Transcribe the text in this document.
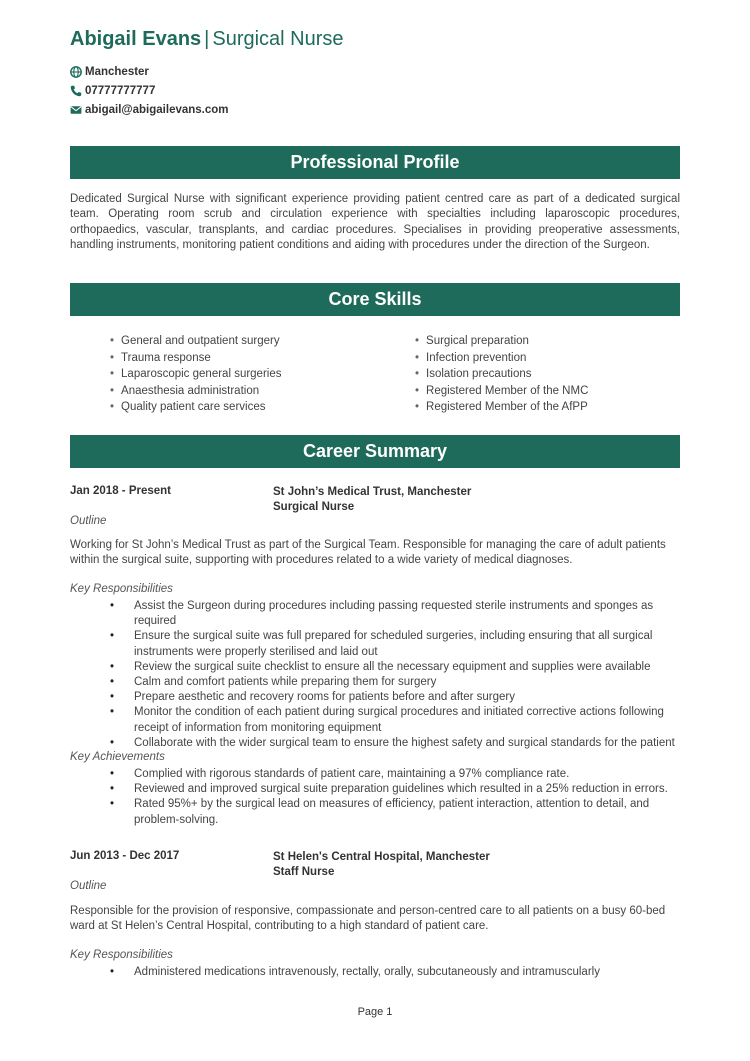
Abigail Evans | Surgical Nurse
Manchester
07777777777
abigail@abigailevans.com
Professional Profile
Dedicated Surgical Nurse with significant experience providing patient centred care as part of a dedicated surgical team. Operating room scrub and circulation experience with specialties including laparoscopic procedures, orthopaedics, vascular, transplants, and cardiac procedures. Specialises in providing preoperative assessments, handling instruments, monitoring patient conditions and aiding with procedures under the direction of the Surgeon.
Core Skills
• General and outpatient surgery
• Trauma response
• Laparoscopic general surgeries
• Anaesthesia administration
• Quality patient care services
• Surgical preparation
• Infection prevention
• Isolation precautions
• Registered Member of the NMC
• Registered Member of the AfPP
Career Summary
Jan 2018 - Present	St John’s Medical Trust, Manchester
Surgical Nurse
Outline
Working for St John’s Medical Trust as part of the Surgical Team. Responsible for managing the care of adult patients within the surgical suite, supporting with procedures related to a wide variety of medical diagnoses.
Key Responsibilities
• Assist the Surgeon during procedures including passing requested sterile instruments and sponges as required
• Ensure the surgical suite was full prepared for scheduled surgeries, including ensuring that all surgical instruments were properly sterilised and laid out
• Review the surgical suite checklist to ensure all the necessary equipment and supplies were available
• Calm and comfort patients while preparing them for surgery
• Prepare aesthetic and recovery rooms for patients before and after surgery
• Monitor the condition of each patient during surgical procedures and initiated corrective actions following receipt of information from monitoring equipment
• Collaborate with the wider surgical team to ensure the highest safety and surgical standards for the patient
Key Achievements
• Complied with rigorous standards of patient care, maintaining a 97% compliance rate.
• Reviewed and improved surgical suite preparation guidelines which resulted in a 25% reduction in errors.
• Rated 95%+ by the surgical lead on measures of efficiency, patient interaction, attention to detail, and problem-solving.
Jun 2013 - Dec 2017	St Helen's Central Hospital, Manchester
Staff Nurse
Outline
Responsible for the provision of responsive, compassionate and person-centred care to all patients on a busy 60-bed ward at St Helen’s Central Hospital, contributing to a high standard of patient care.
Key Responsibilities
• Administered medications intravenously, rectally, orally, subcutaneously and intramuscularly
Page 1
